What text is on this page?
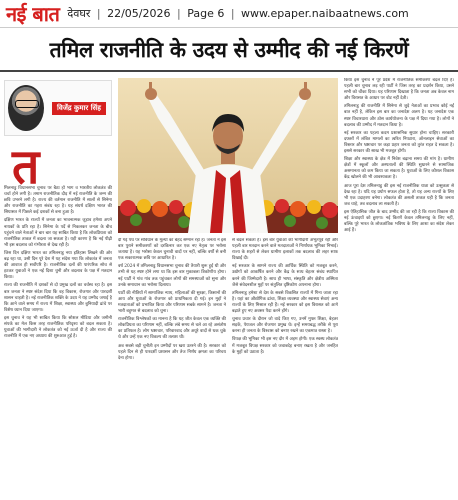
नई बात देवघर | 22/05/2026 | Page 6 | www.epaper.naibaatnews.com
तमिल राजनीति के उदय से उम्मीद की नई किरणें
विजेंद्र कुमार सिंह
त

मिलनाडु विधानसभा चुनाव पर बैठा हो भाग व भारतीय लोकतंत्र की चर्चा होने लगी है। तमाम राजनीतिक दौड़ में नई राजनीति के जन्म की छवि उभरने लगी है। राज्य की वर्तमान राजनीति में सालों से सिनेमा और राजनीति का गहरा संबंध रहा है। यह संघर्ष दक्षिण भारत की सियासत में पिछले कई दशकों से बना हुआ है।

दक्षिण भारत के राज्यों में जनता का भावनात्मक जुड़ाव हमेशा अपने नायकों के प्रति रहा है। सिनेमा के पर्दे से निकलकर जनता के बीच पहुंचने वाले नेताओं ने बार बार यह साबित किया है कि लोकप्रियता को राजनीतिक ताकत में बदला जा सकता है। यही कारण है कि नई पीढ़ी भी इस बदलाव को गंभीरता से देख रही है।

जिस दिन दक्षिण भारत का तमिलनाडु नया इतिहास लिखने की ओर बढ़ रहा था, उसी दिन पूरे देश में यह संदेश गया कि लोकतंत्र में जनता की आवाज ही सर्वोपरि है। राजनीतिक दलों की पारंपरिक सोच से हटकर युवाओं ने एक नई दिशा चुनी और बदलाव के पक्ष में मतदान किया।

राज्य की राजनीति में दशकों से दो प्रमुख दलों का वर्चस्व रहा है। इस बार जनता ने स्पष्ट संदेश दिया कि वह विकास, रोजगार और पारदर्शी शासन चाहती है। नई राजनीतिक शक्ति के उदय ने यह उम्मीद जगाई है कि आने वाले समय में राज्य में शिक्षा, स्वास्थ्य और बुनियादी ढांचे पर विशेष ध्यान दिया जाएगा।

इस चुनाव ने यह भी साबित किया कि सोशल मीडिया और जमीनी संपर्क का मेल किस तरह राजनीतिक परिदृश्य को बदल सकता है। युवाओं की भागीदारी ने लोकतंत्र को नई ऊर्जा दी है और राज्य की राजनीति में एक नए अध्याय की शुरुआत हुई है।

दी गई पथ पर संविधान के मूल्यों का बेहद सम्मान रहा है। जनता ने इस बार पुराने समीकरणों को दरकिनार कर एक नए नेतृत्व पर भरोसा जताया है। यह भरोसा केवल चुनावी वादों पर नहीं, बल्कि वर्षों से बनी एक सकारात्मक छवि पर आधारित है।

वर्ष 2024 में तमिलनाडु विधानसभा चुनाव की तैयारी शुरू हुई थी और तभी से यह स्पष्ट होने लगा था कि इस बार मुकाबला त्रिकोणीय होगा। नई पार्टी ने गांव गांव तक पहुंचकर लोगों की समस्याओं को सुना और उनके समाधान का भरोसा दिलाया।

पार्टी की नीतियों में सामाजिक न्याय, महिलाओं की सुरक्षा, किसानों की आय और युवाओं के रोजगार को प्राथमिकता दी गई। इन मुद्दों ने मतदाताओं को प्रभावित किया और परिणाम सबके सामने है। जनता ने भारी बहुमत से बदलाव को चुना।

राजनीतिक विश्लेषकों का मानना है कि यह जीत केवल एक व्यक्ति की लोकप्रियता का परिणाम नहीं, बल्कि लंबे समय से चले आ रहे असंतोष का प्रतिफल है। लोग भ्रष्टाचार, परिवारवाद और अधूरे वादों से थक चुके थे और उन्हें एक नए विकल्प की तलाश थी।

अब सबसे बड़ी चुनौती इन उम्मीदों पर खरा उतरने की है। सरकार को पहले दिन से ही पारदर्शी प्रशासन और तेज निर्णय क्षमता का परिचय देना होगा।

से बदल सकता है। इस बार युवाओं की भागीदारी अभूतपूर्व रही और पहली बार मतदान करने वाले मतदाताओं ने निर्णायक भूमिका निभाई। राज्य के शहरों से लेकर ग्रामीण इलाकों तक बदलाव की लहर साफ दिखाई दी।

नई सरकार के सामने राज्य की आर्थिक स्थिति को मजबूत करने, उद्योगों को आकर्षित करने और केंद्र के साथ बेहतर संबंध स्थापित करने की जिम्मेदारी है। साथ ही भाषा, संस्कृति और क्षेत्रीय अस्मिता जैसे संवेदनशील मुद्दों पर संतुलित दृष्टिकोण अपनाना होगा।

तमिलनाडु हमेशा से देश के सबसे विकसित राज्यों में गिना जाता रहा है। यहां का औद्योगिक ढांचा, शिक्षा व्यवस्था और स्वास्थ्य सेवाएं अन्य राज्यों के लिए मिसाल रही हैं। नई सरकार को इस विरासत को आगे बढ़ाते हुए नए अवसर पैदा करने होंगे।

चुनाव प्रचार के दौरान जो वादे किए गए, उनमें मुफ्त शिक्षा, बेहतर सड़कें, पेयजल और रोजगार प्रमुख थे। इन्हें समयबद्ध तरीके से पूरा करना ही जनता के विश्वास को बनाए रखने का एकमात्र रास्ता है।

विपक्ष की भूमिका भी इस नए दौर में अहम होगी। एक स्वस्थ लोकतंत्र में मजबूत विपक्ष सरकार को जवाबदेह बनाए रखता है और जनहित के मुद्दों को उठाता है।

किया इस चुनाव ने पूरे प्रदेश में राजनीतिक समीकरण बदल दिए हैं। पहली बार चुनाव लड़ रही पार्टी ने जिस तरह का प्रदर्शन किया, उसने सभी को चौंका दिया। यह परिणाम दिखाता है कि जनता अब केवल नाम और विरासत के आधार पर वोट नहीं देती।

तमिलनाडु की राजनीति में सिनेमा से जुड़े नेताओं का प्रभाव कोई नई बात नहीं है, लेकिन इस बार का जनादेश अलग है। यह जनादेश एक स्पष्ट विचारधारा और ठोस कार्ययोजना के पक्ष में दिया गया है। लोगों ने बदलाव की उम्मीद में मतदान किया है।

नई सरकार का पहला कदम प्रशासनिक सुधार होना चाहिए। सरकारी दफ्तरों में लंबित मामलों का त्वरित निपटारा, ऑनलाइन सेवाओं का विस्तार और भ्रष्टाचार पर कड़ा प्रहार जनता को तुरंत राहत दे सकता है। इससे सरकार की साख भी मजबूत होगी।

शिक्षा और स्वास्थ्य के क्षेत्र में निवेश बढ़ाना समय की मांग है। ग्रामीण क्षेत्रों में स्कूलों और अस्पतालों की स्थिति सुधारने से सामाजिक असमानता को कम किया जा सकता है। युवाओं के लिए कौशल विकास केंद्र खोलने की भी आवश्यकता है।

आज पूरा देश तमिलनाडु की इस नई राजनीतिक यात्रा को उत्सुकता से देख रहा है। यदि यह प्रयोग सफल होता है, तो यह अन्य राज्यों के लिए भी एक उदाहरण बनेगा। लोकतंत्र की असली ताकत यही है कि जनता जब चाहे, तब बदलाव ला सकती है।

इस ऐतिहासिक जीत के बाद उम्मीद की जा रही है कि राज्य विकास की नई ऊंचाइयों को छुएगा। नई किरणें केवल तमिलनाडु के लिए नहीं, बल्कि पूरे भारत के लोकतांत्रिक भविष्य के लिए आशा का संदेश लेकर आई हैं।
